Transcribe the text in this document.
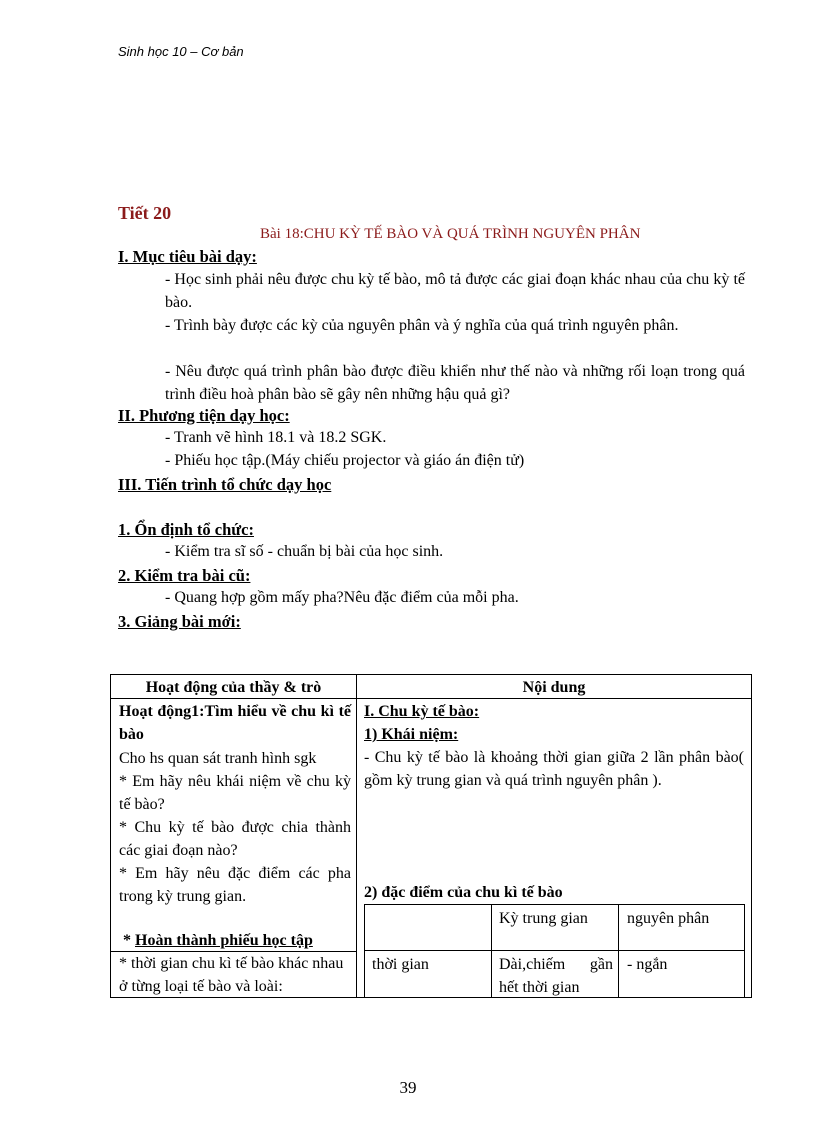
Sinh học 10 – Cơ bản
Tiết 20
Bài 18:CHU KỲ TẾ BÀO VÀ QUÁ TRÌNH NGUYÊN PHÂN
I. Mục tiêu bài dạy:
- Học sinh phải nêu được chu kỳ tế bào, mô tả được các giai đoạn khác nhau của chu kỳ tế bào.
- Trình bày được các kỳ của nguyên phân và ý nghĩa của quá trình nguyên phân.
- Nêu được quá trình phân bào được điều khiển như thế nào và những rối loạn trong quá trình điều hoà phân bào sẽ gây nên những hậu quả gì?
II. Phương tiện dạy học:
- Tranh vẽ hình 18.1 và 18.2 SGK.
- Phiếu học tập.(Máy chiếu projector và giáo án điện tử)
III. Tiến trình tổ chức dạy học
1. Ổn định tổ chức:
- Kiểm tra sĩ số - chuẩn bị bài của học sinh.
2. Kiểm tra bài cũ:
- Quang hợp gồm mấy pha?Nêu đặc điểm của mỗi pha.
3. Giảng bài mới:
Hoạt động của thầy & trò	Nội dung
Hoạt động1:Tìm hiểu về chu kì tế bào
Cho hs quan sát tranh hình sgk
* Em hãy nêu khái niệm về chu kỳ tế bào?
* Chu kỳ tế bào được chia thành các giai đoạn nào?
* Em hãy nêu đặc điểm các pha trong kỳ trung gian.
* Hoàn thành phiếu học tập
* thời gian chu kì tế bào khác nhau ở từng loại tế bào và loài:
I. Chu kỳ tế bào:
1) Khái niệm:
- Chu kỳ tế bào là khoảng thời gian giữa 2 lần phân bào( gồm kỳ trung gian và quá trình nguyên phân ).
2) đặc điểm của chu kì tế bào
Kỳ trung gian nguyên phân
thời gian	Dài,chiếm gần hết thời gian
- ngắn
39
